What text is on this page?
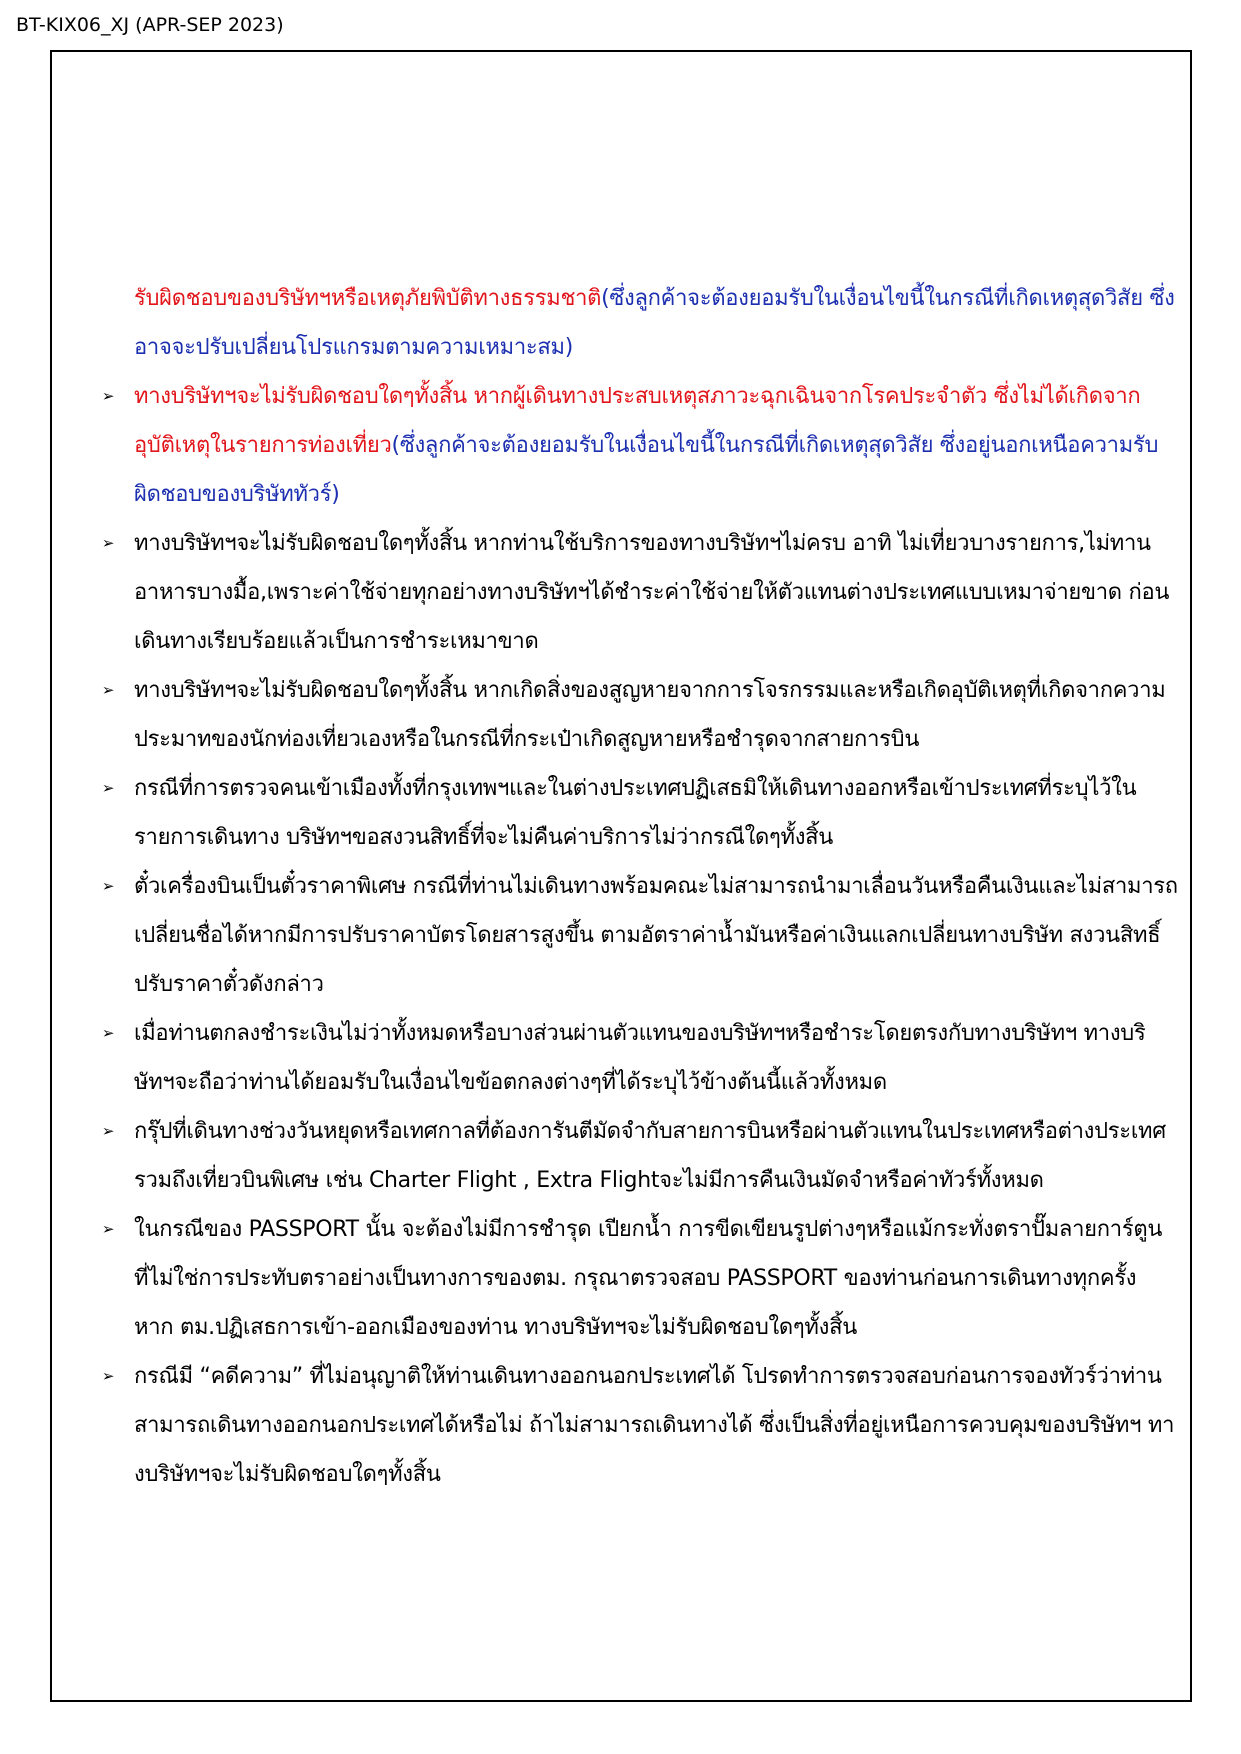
BT-KIX06_XJ (APR-SEP 2023)

รับผิดชอบของบริษัทฯหรือเหตุภัยพิบัติทางธรรมชาติ(ซึ่งลูกค้าจะต้องยอมรับในเงื่อนไขนี้ในกรณีที่เกิดเหตุสุดวิสัย ซึ่งอาจจะปรับเปลี่ยนโปรแกรมตามความเหมาะสม)

➢ ทางบริษัทฯจะไม่รับผิดชอบใดๆทั้งสิ้น หากผู้เดินทางประสบเหตุสภาวะฉุกเฉินจากโรคประจำตัว ซึ่งไม่ได้เกิดจากอุบัติเหตุในรายการท่องเที่ยว(ซึ่งลูกค้าจะต้องยอมรับในเงื่อนไขนี้ในกรณีที่เกิดเหตุสุดวิสัย ซึ่งอยู่นอกเหนือความรับผิดชอบของบริษัททัวร์)

➢ ทางบริษัทฯจะไม่รับผิดชอบใดๆทั้งสิ้น หากท่านใช้บริการของทางบริษัทฯไม่ครบ อาทิ ไม่เที่ยวบางรายการ,ไม่ทานอาหารบางมื้อ,เพราะค่าใช้จ่ายทุกอย่างทางบริษัทฯได้ชำระค่าใช้จ่ายให้ตัวแทนต่างประเทศแบบเหมาจ่ายขาด ก่อนเดินทางเรียบร้อยแล้วเป็นการชำระเหมาขาด

➢ ทางบริษัทฯจะไม่รับผิดชอบใดๆทั้งสิ้น หากเกิดสิ่งของสูญหายจากการโจรกรรมและหรือเกิดอุบัติเหตุที่เกิดจากความประมาทของนักท่องเที่ยวเองหรือในกรณีที่กระเป๋าเกิดสูญหายหรือชำรุดจากสายการบิน

➢ กรณีที่การตรวจคนเข้าเมืองทั้งที่กรุงเทพฯและในต่างประเทศปฏิเสธมิให้เดินทางออกหรือเข้าประเทศที่ระบุไว้ในรายการเดินทาง บริษัทฯขอสงวนสิทธิ์ที่จะไม่คืนค่าบริการไม่ว่ากรณีใดๆทั้งสิ้น

➢ ตั๋วเครื่องบินเป็นตั๋วราคาพิเศษ กรณีที่ท่านไม่เดินทางพร้อมคณะไม่สามารถนำมาเลื่อนวันหรือคืนเงินและไม่สามารถเปลี่ยนชื่อได้หากมีการปรับราคาบัตรโดยสารสูงขึ้น ตามอัตราค่าน้ำมันหรือค่าเงินแลกเปลี่ยนทางบริษัท สงวนสิทธิ์ปรับราคาตั๋วดังกล่าว

➢ เมื่อท่านตกลงชำระเงินไม่ว่าทั้งหมดหรือบางส่วนผ่านตัวแทนของบริษัทฯหรือชำระโดยตรงกับทางบริษัทฯ ทางบริษัทฯจะถือว่าท่านได้ยอมรับในเงื่อนไขข้อตกลงต่างๆที่ได้ระบุไว้ข้างต้นนี้แล้วทั้งหมด

➢ กรุ๊ปที่เดินทางช่วงวันหยุดหรือเทศกาลที่ต้องการันตีมัดจำกับสายการบินหรือผ่านตัวแทนในประเทศหรือต่างประเทศ รวมถึงเที่ยวบินพิเศษ เช่น Charter Flight , Extra Flightจะไม่มีการคืนเงินมัดจำหรือค่าทัวร์ทั้งหมด

➢ ในกรณีของ PASSPORT นั้น จะต้องไม่มีการชำรุด เปียกน้ำ การขีดเขียนรูปต่างๆหรือแม้กระทั่งตราปั๊มลายการ์ตูน ที่ไม่ใช่การประทับตราอย่างเป็นทางการของตม. กรุณาตรวจสอบ PASSPORT ของท่านก่อนการเดินทางทุกครั้ง หาก ตม.ปฏิเสธการเข้า-ออกเมืองของท่าน ทางบริษัทฯจะไม่รับผิดชอบใดๆทั้งสิ้น

➢ กรณีมี “คดีความ” ที่ไม่อนุญาติให้ท่านเดินทางออกนอกประเทศได้ โปรดทำการตรวจสอบก่อนการจองทัวร์ว่าท่านสามารถเดินทางออกนอกประเทศได้หรือไม่ ถ้าไม่สามารถเดินทางได้ ซึ่งเป็นสิ่งที่อยู่เหนือการควบคุมของบริษัทฯ ทางบริษัทฯจะไม่รับผิดชอบใดๆทั้งสิ้น
